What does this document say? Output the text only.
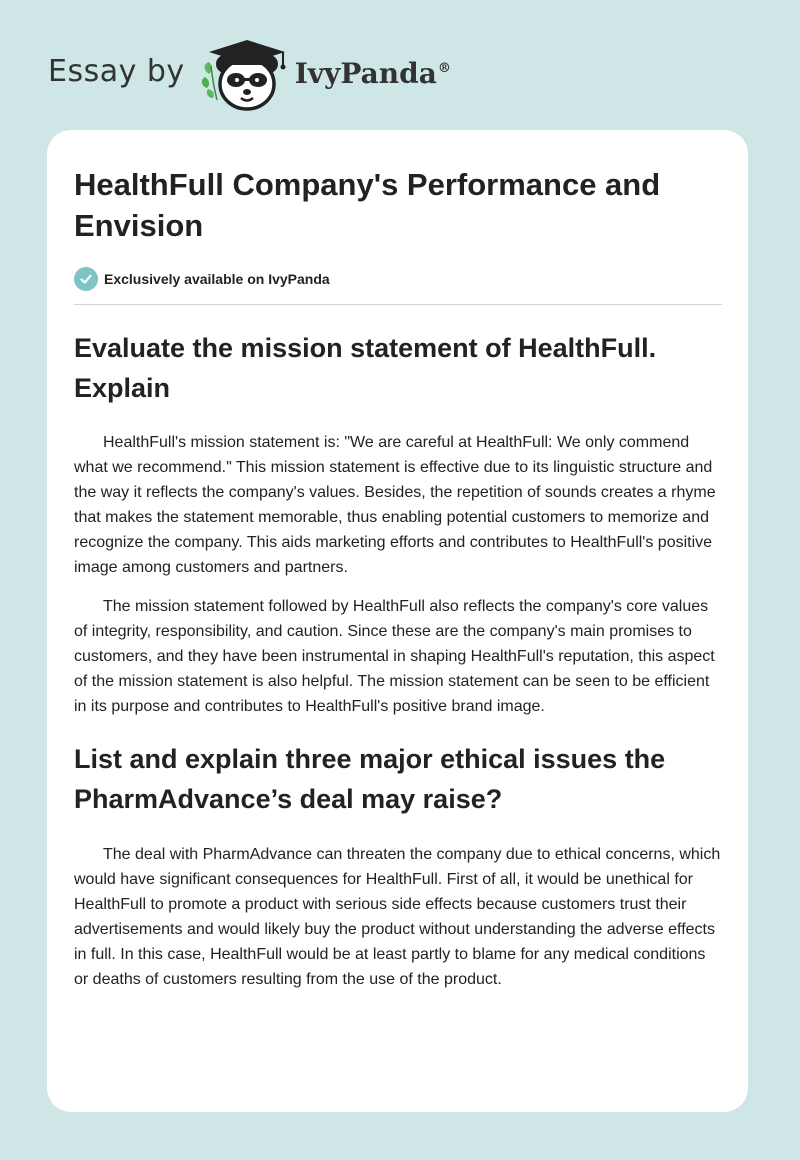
Essay by	IvyPanda®
HealthFull Company's Performance and Envision
Exclusively available on IvyPanda
Evaluate the mission statement of HealthFull. Explain

HealthFull's mission statement is: "We are careful at HealthFull: We only commend what we recommend." This mission statement is effective due to its linguistic structure and the way it reflects the company's values. Besides, the repetition of sounds creates a rhyme that makes the statement memorable, thus enabling potential customers to memorize and recognize the company. This aids marketing efforts and contributes to HealthFull's positive image among customers and partners.

The mission statement followed by HealthFull also reflects the company's core values of integrity, responsibility, and caution. Since these are the company's main promises to customers, and they have been instrumental in shaping HealthFull's reputation, this aspect of the mission statement is also helpful. The mission statement can be seen to be efficient in its purpose and contributes to HealthFull's positive brand image.

List and explain three major ethical issues the PharmAdvance’s deal may raise?

The deal with PharmAdvance can threaten the company due to ethical concerns, which would have significant consequences for HealthFull. First of all, it would be unethical for HealthFull to promote a product with serious side effects because customers trust their advertisements and would likely buy the product without understanding the adverse effects in full. In this case, HealthFull would be at least partly to blame for any medical conditions or deaths of customers resulting from the use of the product.
